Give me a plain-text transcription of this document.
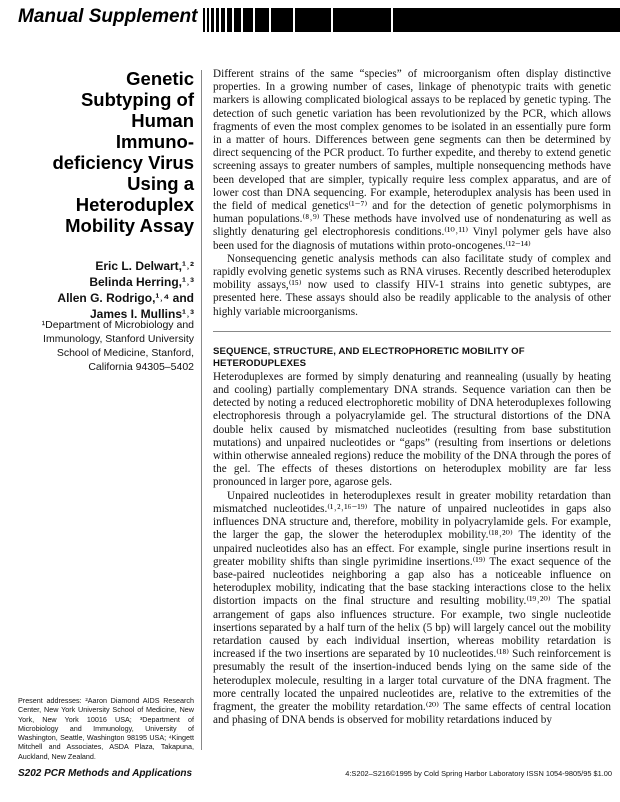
Manual Supplement
Genetic
Subtyping of
Human
Immuno-
deficiency Virus
Using a
Heteroduplex
Mobility Assay
Eric L. Delwart,¹˒²
Belinda Herring,¹˒³
Allen G. Rodrigo,¹˒⁴ and
James I. Mullins¹˒³
¹Department of Microbiology and Immunology, Stanford University School of Medicine, Stanford, California 94305–5402
Present addresses: ²Aaron Diamond AIDS Research Center, New York University School of Medicine, New York, New York 10016 USA; ³Department of Microbiology and Immunology, University of Washington, Seattle, Washington 98195 USA; ⁴Kingett Mitchell and Associates, ASDA Plaza, Takapuna, Auckland, New Zealand.

Different strains of the same “species” of microorganism often display distinctive properties. In a growing number of cases, linkage of phenotypic traits with genetic markers is allowing complicated biological assays to be replaced by genetic typing. The detection of such genetic variation has been revolutionized by the PCR, which allows fragments of even the most complex genomes to be isolated in an essentially pure form in a matter of hours. Differences between gene segments can then be determined by direct sequencing of the PCR product. To further expedite, and thereby to extend genetic screening assays to greater numbers of samples, multiple nonsequencing methods have been developed that are simpler, typically require less complex apparatus, and are of lower cost than DNA sequencing. For example, heteroduplex analysis has been used in the field of medical genetics⁽¹⁻⁷⁾ and for the detection of genetic polymorphisms in human populations.⁽⁸˒⁹⁾ These methods have involved use of nondenaturing as well as slightly denaturing gel electrophoresis conditions.⁽¹⁰˒¹¹⁾ Vinyl polymer gels have also been used for the diagnosis of mutations within proto-oncogenes.⁽¹²⁻¹⁴⁾

Nonsequencing genetic analysis methods can also facilitate study of complex and rapidly evolving genetic systems such as RNA viruses. Recently described heteroduplex mobility assays,⁽¹⁵⁾ now used to classify HIV-1 strains into genetic subtypes, are presented here. These assays should also be readily applicable to the analysis of other highly variable microorganisms.

SEQUENCE, STRUCTURE, AND ELECTROPHORETIC MOBILITY OF HETERODUPLEXES

Heteroduplexes are formed by simply denaturing and reannealing (usually by heating and cooling) partially complementary DNA strands. Sequence variation can then be detected by noting a reduced electrophoretic mobility of DNA heteroduplexes following electrophoresis through a polyacrylamide gel. The structural distortions of the DNA double helix caused by mismatched nucleotides (resulting from base substitution mutations) and unpaired nucleotides or “gaps” (resulting from insertions or deletions within otherwise annealed regions) reduce the mobility of the DNA through the pores of the gel. The effects of theses distortions on heteroduplex mobility are far less pronounced in larger pore, agarose gels.

Unpaired nucleotides in heteroduplexes result in greater mobility retardation than mismatched nucleotides.⁽¹˒²˒¹⁶⁻¹⁹⁾ The nature of unpaired nucleotides in gaps also influences DNA structure and, therefore, mobility in polyacrylamide gels. For example, the larger the gap, the slower the heteroduplex mobility.⁽¹⁸˒²⁰⁾ The identity of the unpaired nucleotides also has an effect. For example, single purine insertions result in greater mobility shifts than single pyrimidine insertions.⁽¹⁹⁾ The exact sequence of the base-paired nucleotides neighboring a gap also has a noticeable influence on heteroduplex mobility, indicating that the base stacking interactions close to the helix distortion impacts on the final structure and resulting mobility.⁽¹⁹˒²⁰⁾ The spatial arrangement of gaps also influences structure. For example, two single nucleotide insertions separated by a half turn of the helix (5 bp) will largely cancel out the mobility retardation caused by each individual insertion, whereas mobility retardation is increased if the two insertions are separated by 10 nucleotides.⁽¹⁸⁾ Such reinforcement is presumably the result of the insertion-induced bends lying on the same side of the heteroduplex molecule, resulting in a larger total curvature of the DNA fragment. The more centrally located the unpaired nucleotides are, relative to the extremities of the fragment, the greater the mobility retardation.⁽²⁰⁾ The same effects of central location and phasing of DNA bends is observed for mobility retardations induced by

S202 PCR Methods and Applications	4:S202–S216©1995 by Cold Spring Harbor Laboratory ISSN 1054-9805/95 $1.00
